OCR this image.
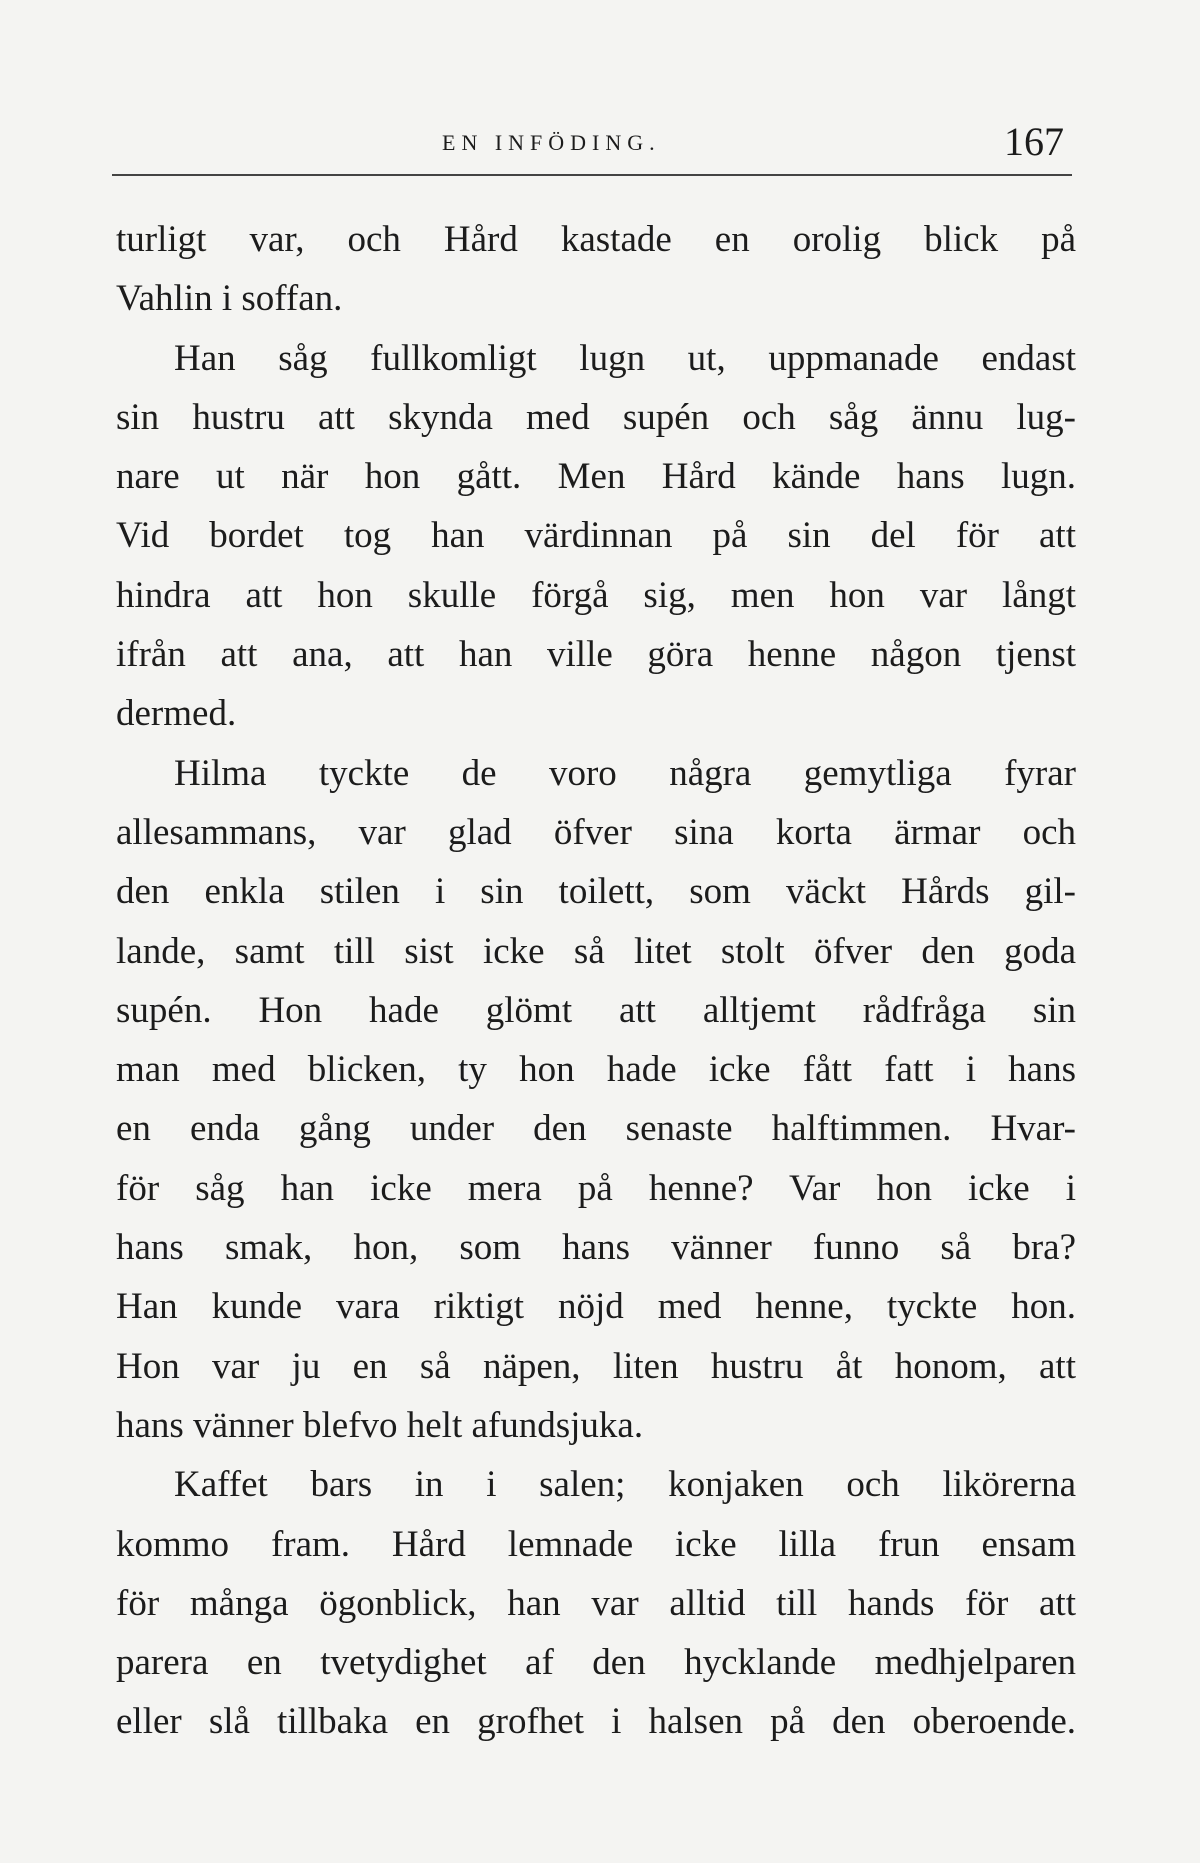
EN INFÖDING.	167
turligt var, och Hård kastade en orolig blick på
Vahlin i soffan.
Han såg fullkomligt lugn ut, uppmanade endast
sin hustru att skynda med supén och såg ännu lug-
nare ut när hon gått. Men Hård kände hans lugn.
Vid bordet tog han värdinnan på sin del för att
hindra att hon skulle förgå sig, men hon var långt
ifrån att ana, att han ville göra henne någon tjenst
dermed.
Hilma tyckte de voro några gemytliga fyrar
allesammans, var glad öfver sina korta ärmar och
den enkla stilen i sin toilett, som väckt Hårds gil-
lande, samt till sist icke så litet stolt öfver den goda
supén. Hon hade glömt att alltjemt rådfråga sin
man med blicken, ty hon hade icke fått fatt i hans
en enda gång under den senaste halftimmen. Hvar-
för såg han icke mera på henne? Var hon icke i
hans smak, hon, som hans vänner funno så bra?
Han kunde vara riktigt nöjd med henne, tyckte hon.
Hon var ju en så näpen, liten hustru åt honom, att
hans vänner blefvo helt afundsjuka.
Kaffet bars in i salen; konjaken och likörerna
kommo fram. Hård lemnade icke lilla frun ensam
för många ögonblick, han var alltid till hands för att
parera en tvetydighet af den hycklande medhjelparen
eller slå tillbaka en grofhet i halsen på den oberoende.
